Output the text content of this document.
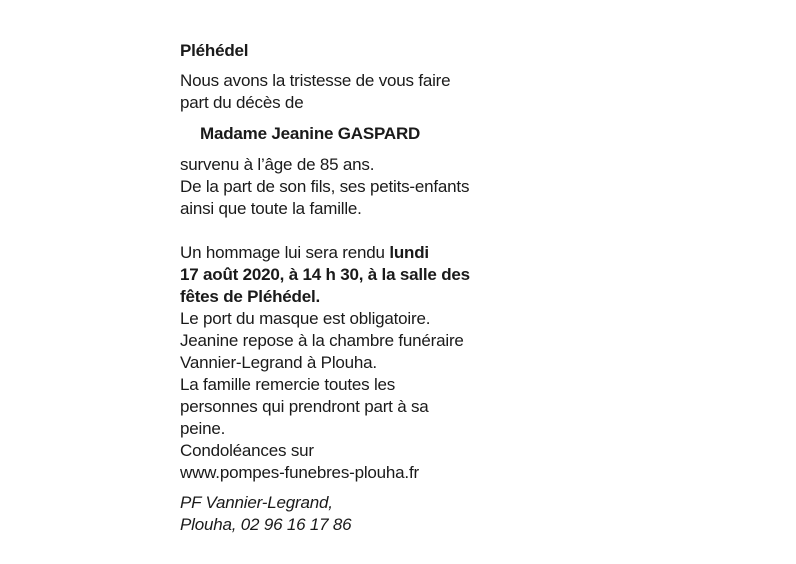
Pléhédel
Nous avons la tristesse de vous faire
part du décès de
Madame Jeanine GASPARD
survenu à l’âge de 85 ans.
De la part de son fils, ses petits-enfants
ainsi que toute la famille.
Un hommage lui sera rendu lundi
17 août 2020, à 14 h 30, à la salle des
fêtes de Pléhédel.
Le port du masque est obligatoire.
Jeanine repose à la chambre funéraire
Vannier-Legrand à Plouha.
La famille remercie toutes les
personnes qui prendront part à sa
peine.
Condoléances sur
www.pompes-funebres-plouha.fr
PF Vannier-Legrand,
Plouha, 02 96 16 17 86
